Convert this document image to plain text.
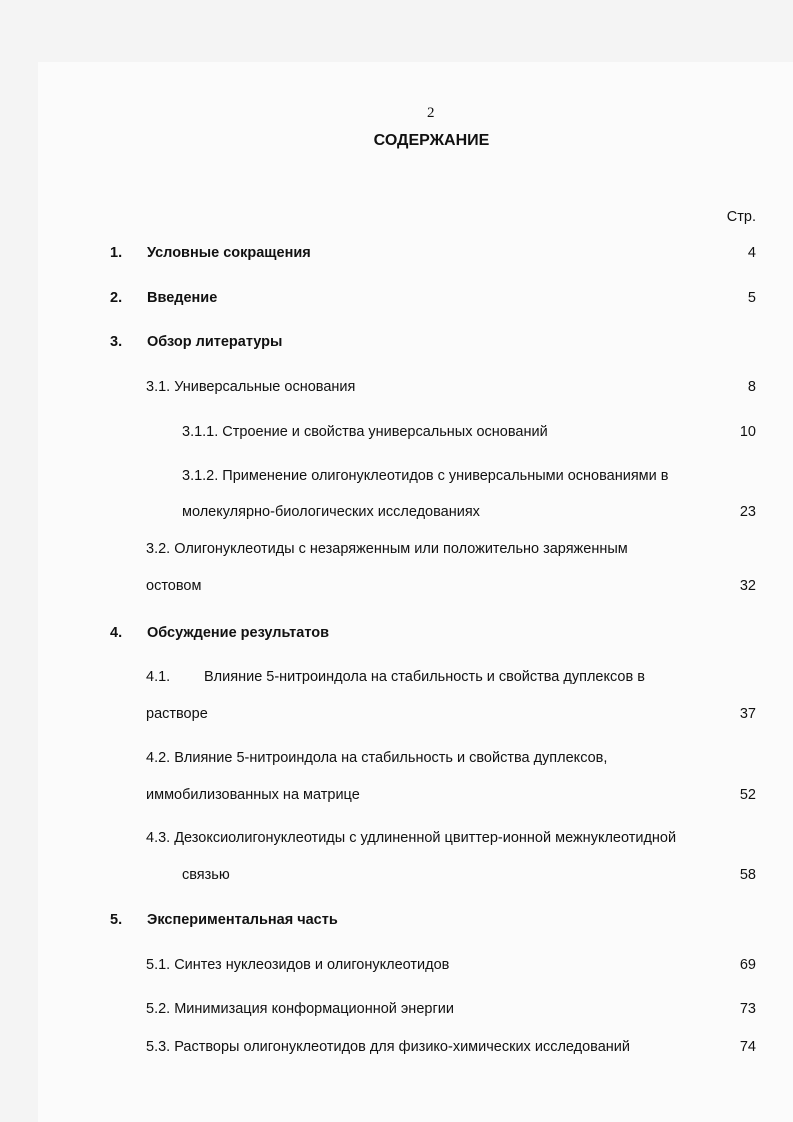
2
СОДЕРЖАНИЕ
Стр.
1. Условные сокращения	4
2. Введение	5
3. Обзор литературы
3.1. Универсальные основания	8
3.1.1. Строение и свойства универсальных оснований	10
3.1.2. Применение олигонуклеотидов с универсальными основаниями в
молекулярно-биологических исследованиях	23
3.2. Олигонуклеотиды с незаряженным или положительно заряженным
остовом	32
4. Обсуждение результатов
4.1. Влияние 5-нитроиндола на стабильность и свойства дуплексов в
растворе	37
4.2. Влияние 5-нитроиндола на стабильность и свойства дуплексов,
иммобилизованных на матрице	52
4.3. Дезоксиолигонуклеотиды с удлиненной цвиттер-ионной межнуклеотидной
связью	58
5. Экспериментальная часть
5.1. Синтез нуклеозидов и олигонуклеотидов	69
5.2. Минимизация конформационной энергии	73
5.3. Растворы олигонуклеотидов для физико-химических исследований	74
